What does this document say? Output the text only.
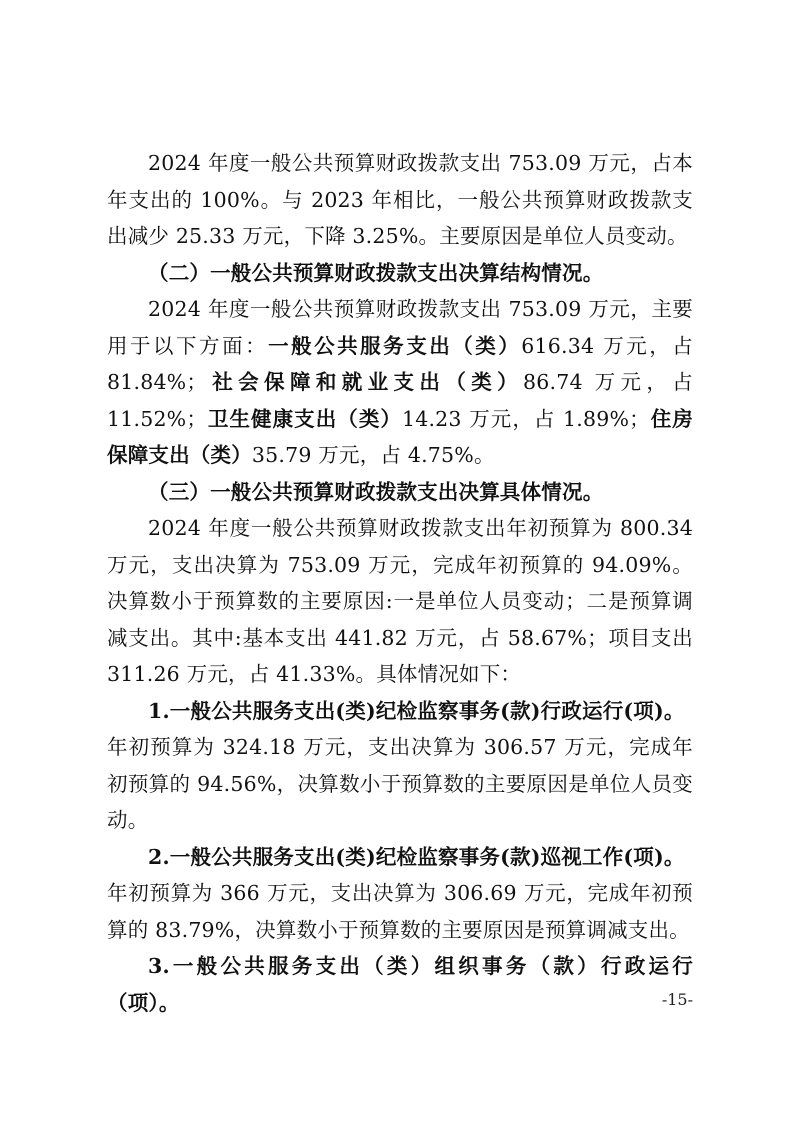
2024 年度一般公共预算财政拨款支出 753.09 万元，占本年支出的 100%。与 2023 年相比，一般公共预算财政拨款支出减少 25.33 万元，下降 3.25%。主要原因是单位人员变动。

（二）一般公共预算财政拨款支出决算结构情况。

2024 年度一般公共预算财政拨款支出 753.09 万元，主要用于以下方面：一般公共服务支出（类）616.34 万元，占 81.84%；社会保障和就业支出（类）86.74 万元，占 11.52%；卫生健康支出（类）14.23 万元，占 1.89%；住房保障支出（类）35.79 万元，占 4.75%。

（三）一般公共预算财政拨款支出决算具体情况。

2024 年度一般公共预算财政拨款支出年初预算为 800.34 万元，支出决算为 753.09 万元，完成年初预算的 94.09%。决算数小于预算数的主要原因:一是单位人员变动；二是预算调减支出。其中:基本支出 441.82 万元，占 58.67%；项目支出 311.26 万元，占 41.33%。具体情况如下：

1.一般公共服务支出(类)纪检监察事务(款)行政运行(项)。

年初预算为 324.18 万元，支出决算为 306.57 万元，完成年初预算的 94.56%，决算数小于预算数的主要原因是单位人员变动。

2.一般公共服务支出(类)纪检监察事务(款)巡视工作(项)。

年初预算为 366 万元，支出决算为 306.69 万元，完成年初预算的 83.79%，决算数小于预算数的主要原因是预算调减支出。

3.一般公共服务支出（类）组织事务（款）行政运行（项）。	-15-
